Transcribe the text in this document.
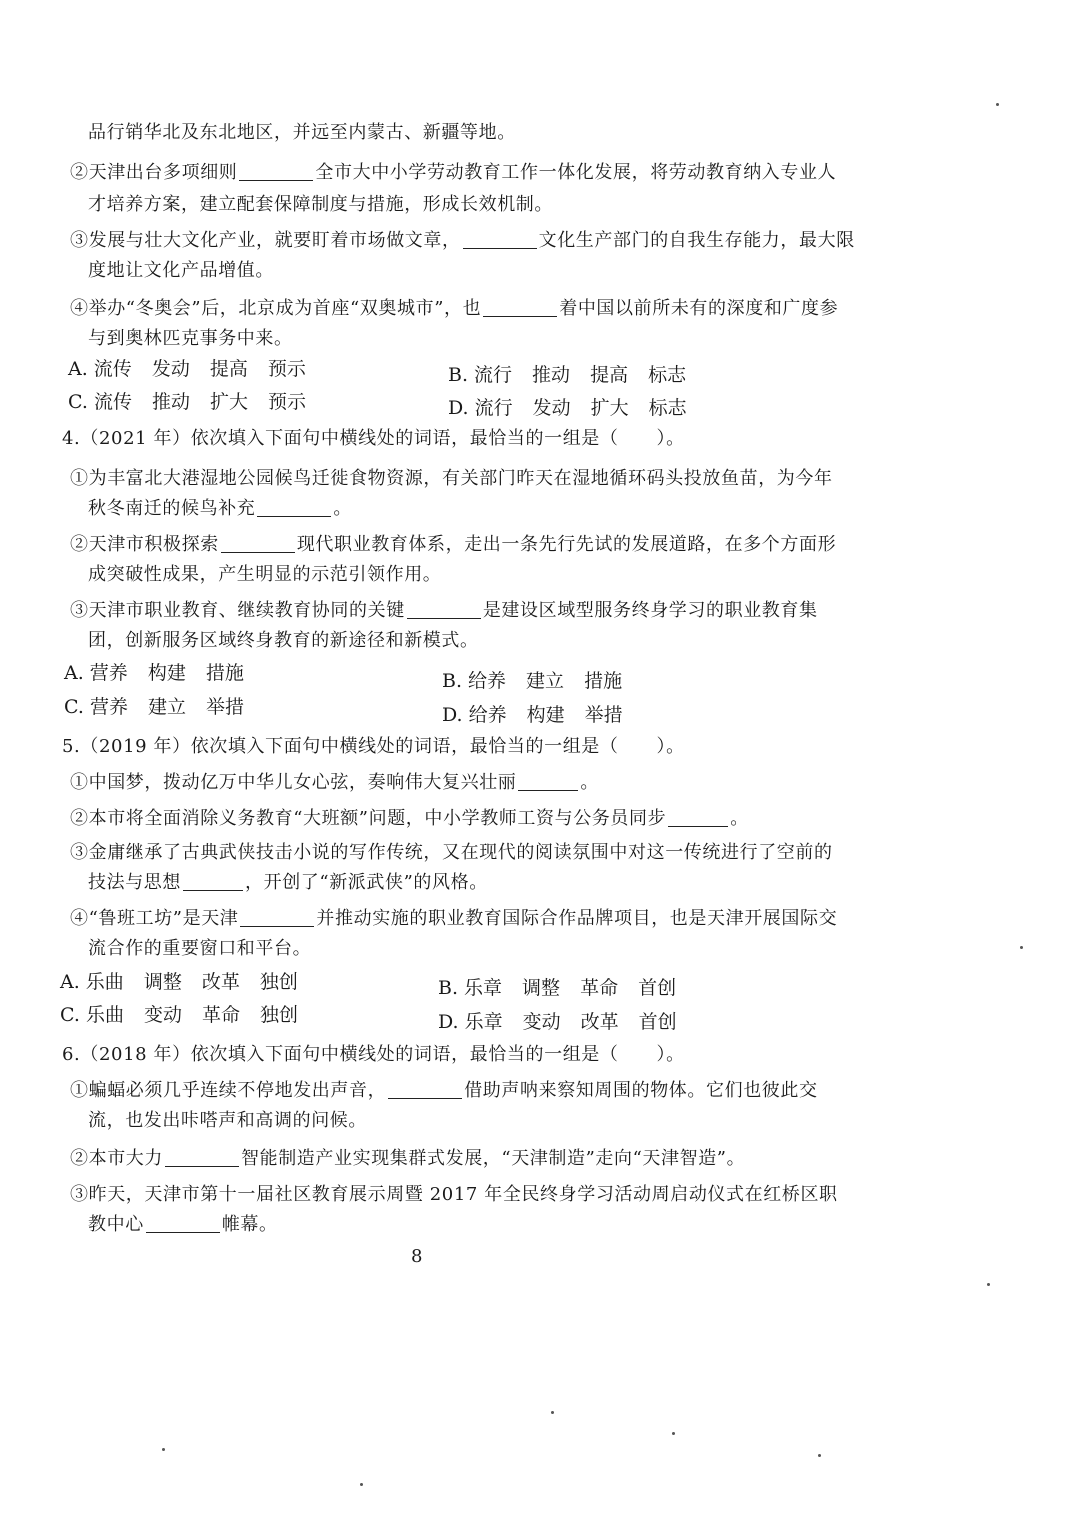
品行销华北及东北地区，并远至内蒙古、新疆等地。
②天津出台多项细则	全市大中小学劳动教育工作一体化发展，将劳动教育纳入专业人
才培养方案，建立配套保障制度与措施，形成长效机制。
③发展与壮大文化产业，就要盯着市场做文章，	文化生产部门的自我生存能力，最大限
度地让文化产品增值。
④举办“冬奥会”后，北京成为首座“双奥城市”，也	着中国以前所未有的深度和广度参
与到奥林匹克事务中来。
A. 流传 发动 提高 预示	B. 流行 推动 提高 标志
C. 流传 推动 扩大 预示	D. 流行 发动 扩大 标志
4.（2021 年）依次填入下面句中横线处的词语，最恰当的一组是（ ）。
①为丰富北大港湿地公园候鸟迁徙食物资源，有关部门昨天在湿地循环码头投放鱼苗，为今年
秋冬南迁的候鸟补充	。
②天津市积极探索	现代职业教育体系，走出一条先行先试的发展道路，在多个方面形
成突破性成果，产生明显的示范引领作用。
③天津市职业教育、继续教育协同的关键	是建设区域型服务终身学习的职业教育集
团，创新服务区域终身教育的新途径和新模式。
A. 营养 构建 措施	B. 给养 建立 措施
C. 营养 建立 举措	D. 给养 构建 举措
5.（2019 年）依次填入下面句中横线处的词语，最恰当的一组是（ ）。
①中国梦，拨动亿万中华儿女心弦，奏响伟大复兴壮丽	。
②本市将全面消除义务教育“大班额”问题，中小学教师工资与公务员同步	。
③金庸继承了古典武侠技击小说的写作传统，又在现代的阅读氛围中对这一传统进行了空前的
技法与思想	，开创了“新派武侠”的风格。
④“鲁班工坊”是天津	并推动实施的职业教育国际合作品牌项目，也是天津开展国际交
流合作的重要窗口和平台。
A. 乐曲 调整 改革 独创	B. 乐章 调整 革命 首创
C. 乐曲 变动 革命 独创	D. 乐章 变动 改革 首创
6.（2018 年）依次填入下面句中横线处的词语，最恰当的一组是（ ）。
①蝙蝠必须几乎连续不停地发出声音，	借助声呐来察知周围的物体。它们也彼此交
流，也发出咔嗒声和高调的问候。
②本市大力	智能制造产业实现集群式发展，“天津制造”走向“天津智造”。
③昨天，天津市第十一届社区教育展示周暨 2017 年全民终身学习活动周启动仪式在红桥区职
教中心	帷幕。
8
